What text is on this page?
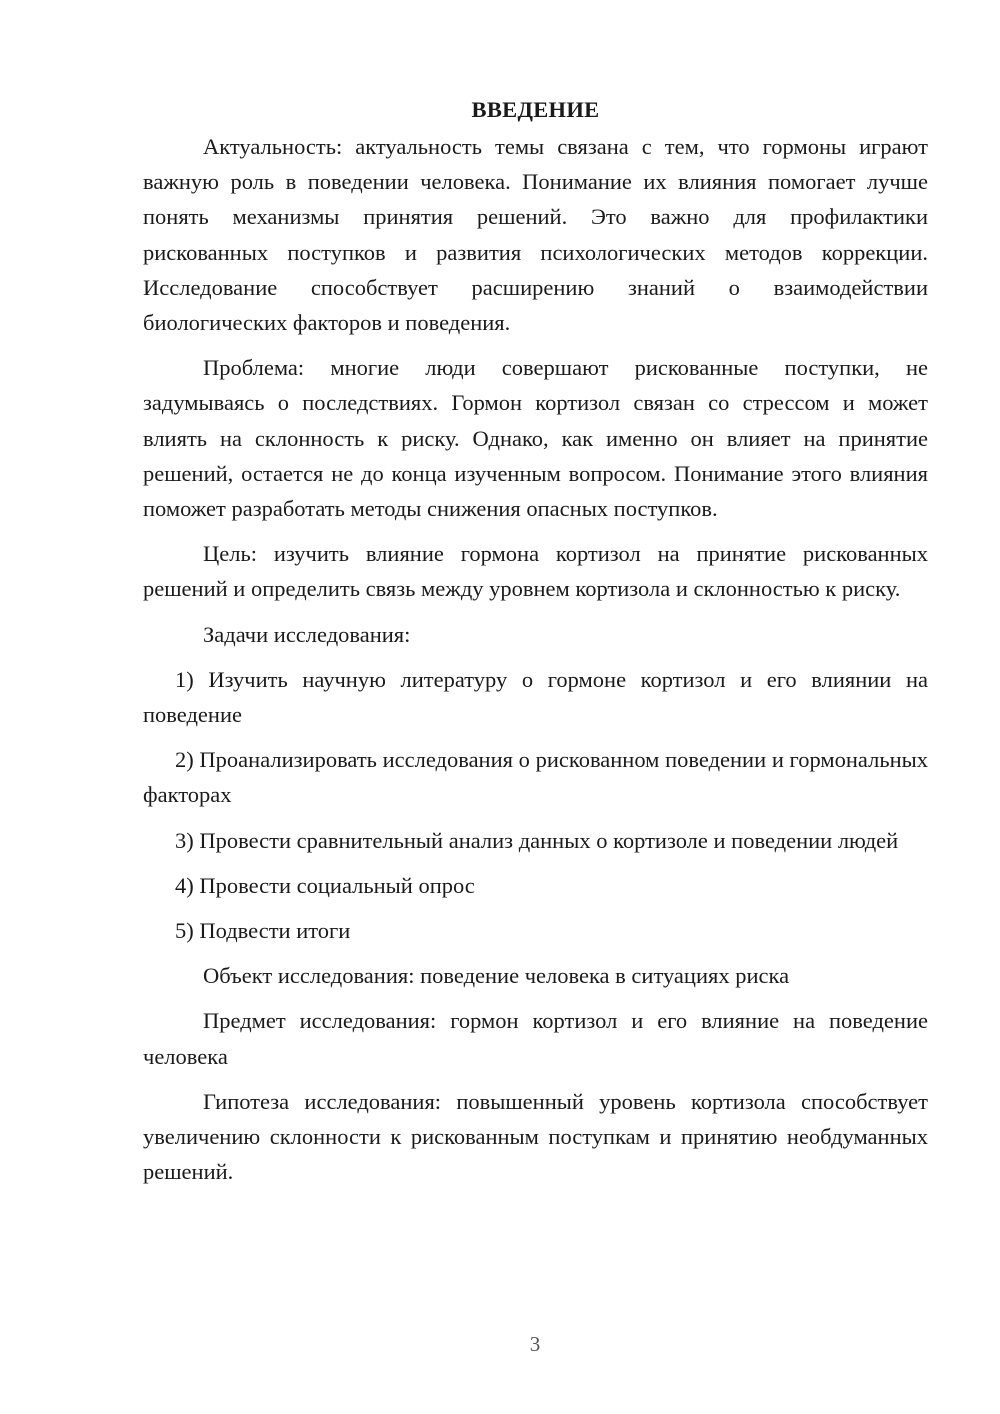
ВВЕДЕНИЕ

Актуальность: актуальность темы связана с тем, что гормоны играют важную роль в поведении человека. Понимание их влияния помогает лучше понять механизмы принятия решений. Это важно для профилактики рискованных поступков и развития психологических методов коррекции. Исследование способствует расширению знаний о взаимодействии биологических факторов и поведения.

Проблема: многие люди совершают рискованные поступки, не задумываясь о последствиях. Гормон кортизол связан со стрессом и может влиять на склонность к риску. Однако, как именно он влияет на принятие решений, остается не до конца изученным вопросом. Понимание этого влияния поможет разработать методы снижения опасных поступков.

Цель: изучить влияние гормона кортизол на принятие рискованных решений и определить связь между уровнем кортизола и склонностью к риску.

Задачи исследования:

1) Изучить научную литературу о гормоне кортизол и его влиянии на поведение

2) Проанализировать исследования о рискованном поведении и гормональных факторах

3) Провести сравнительный анализ данных о кортизоле и поведении людей

4) Провести социальный опрос

5) Подвести итоги

Объект исследования: поведение человека в ситуациях риска

Предмет исследования: гормон кортизол и его влияние на поведение человека

Гипотеза исследования: повышенный уровень кортизола способствует увеличению склонности к рискованным поступкам и принятию необдуманных решений.

3
